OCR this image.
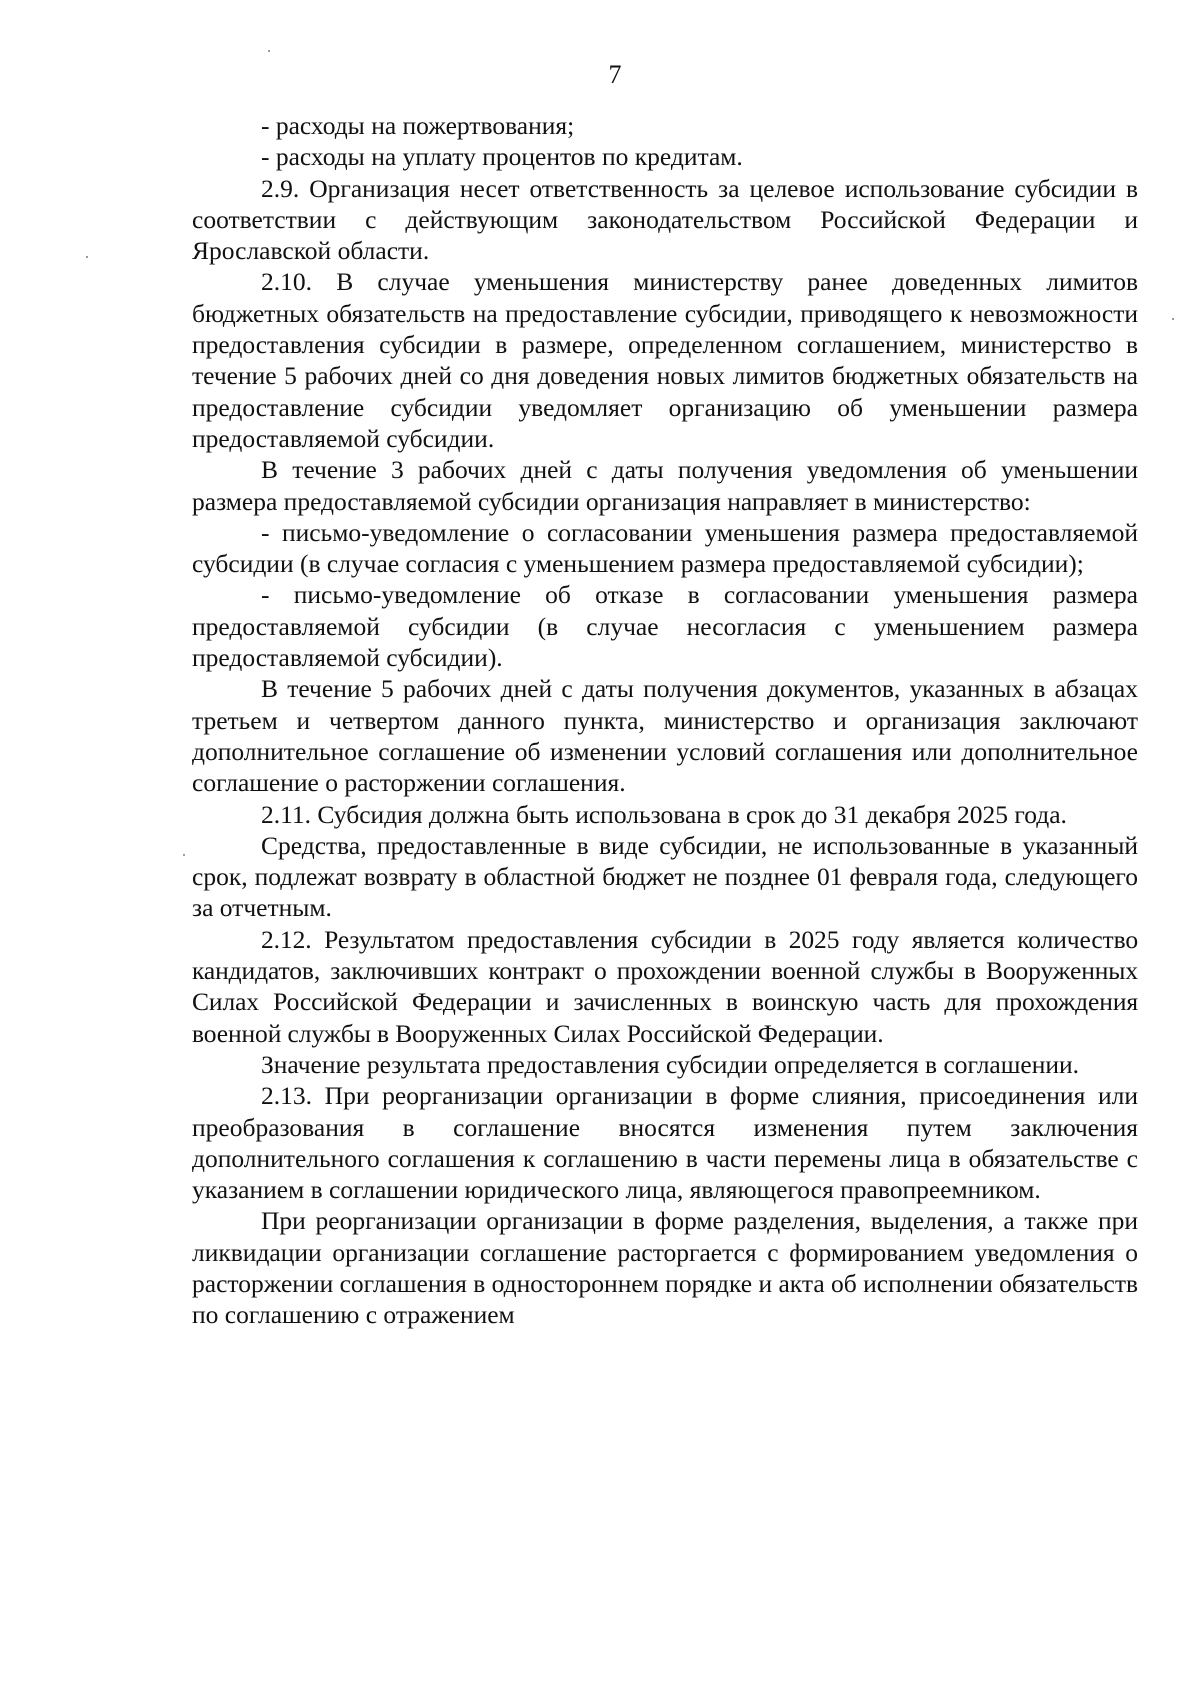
7

- расходы на пожертвования;

- расходы на уплату процентов по кредитам.

2.9. Организация несет ответственность за целевое использование субсидии в соответствии с действующим законодательством Российской Федерации и Ярославской области.

2.10. В случае уменьшения министерству ранее доведенных лимитов бюджетных обязательств на предоставление субсидии, приводящего к невозможности предоставления субсидии в размере, определенном соглашением, министерство в течение 5 рабочих дней со дня доведения новых лимитов бюджетных обязательств на предоставление субсидии уведомляет организацию об уменьшении размера предоставляемой субсидии.

В течение 3 рабочих дней с даты получения уведомления об уменьшении размера предоставляемой субсидии организация направляет в министерство:

- письмо-уведомление о согласовании уменьшения размера предоставляемой субсидии (в случае согласия с уменьшением размера предоставляемой субсидии);

- письмо-уведомление об отказе в согласовании уменьшения размера предоставляемой субсидии (в случае несогласия с уменьшением размера предоставляемой субсидии).

В течение 5 рабочих дней с даты получения документов, указанных в абзацах третьем и четвертом данного пункта, министерство и организация заключают дополнительное соглашение об изменении условий соглашения или дополнительное соглашение о расторжении соглашения.

2.11. Субсидия должна быть использована в срок до 31 декабря 2025 года.

Средства, предоставленные в виде субсидии, не использованные в указанный срок, подлежат возврату в областной бюджет не позднее 01 февраля года, следующего за отчетным.

2.12. Результатом предоставления субсидии в 2025 году является количество кандидатов, заключивших контракт о прохождении военной службы в Вооруженных Силах Российской Федерации и зачисленных в воинскую часть для прохождения военной службы в Вооруженных Силах Российской Федерации.

Значение результата предоставления субсидии определяется в соглашении.

2.13. При реорганизации организации в форме слияния, присоединения или преобразования в соглашение вносятся изменения путем заключения дополнительного соглашения к соглашению в части перемены лица в обязательстве с указанием в соглашении юридического лица, являющегося правопреемником.

При реорганизации организации в форме разделения, выделения, а также при ликвидации организации соглашение расторгается с формированием уведомления о расторжении соглашения в одностороннем порядке и акта об исполнении обязательств по соглашению с отражением
